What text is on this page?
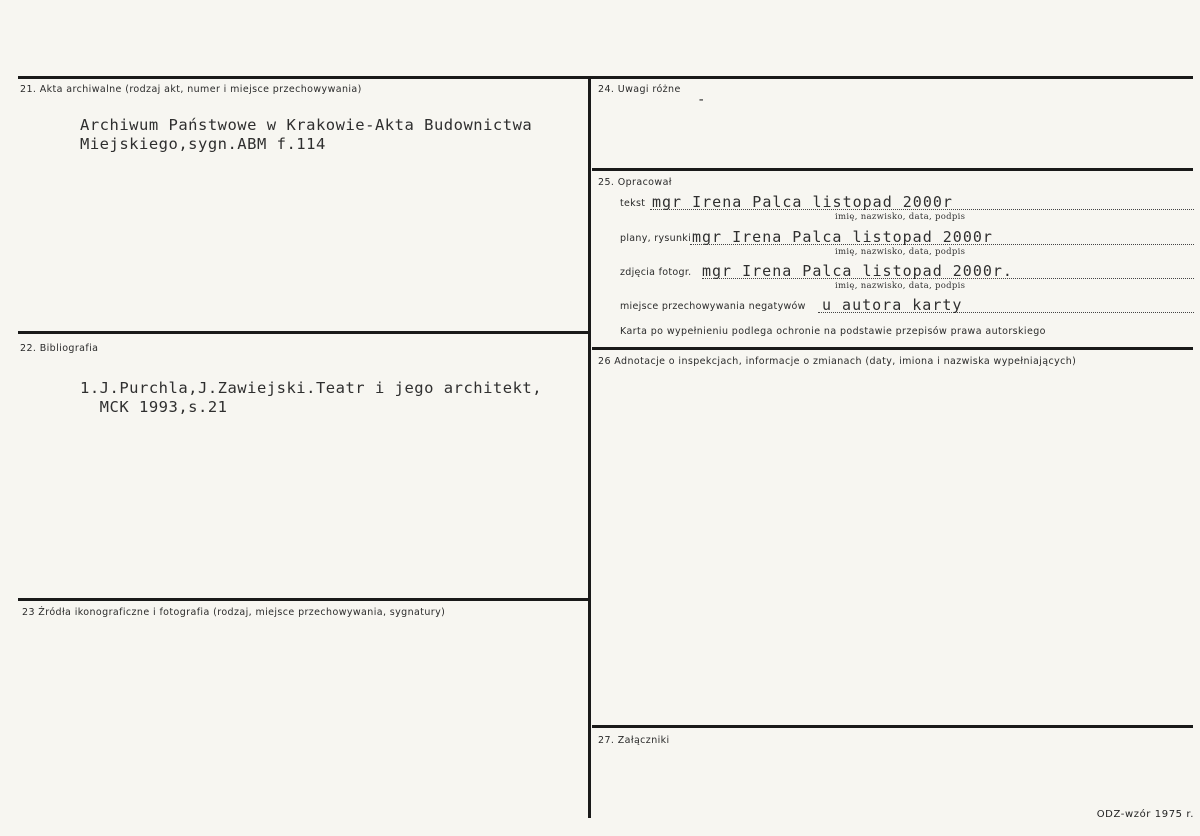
21. Akta archiwalne (rodzaj akt, numer i miejsce przechowywania)
Archiwum Państwowe w Krakowie-Akta Budownictwa
Miejskiego,sygn.ABM f.114
22. Bibliografia
1.J.Purchla,J.Zawiejski.Teatr i jego architekt,
MCK 1993,s.21
23 Źródła ikonograficzne i fotografia (rodzaj, miejsce przechowywania, sygnatury)
24. Uwagi różne
-
25. Opracował
tekst mgr Irena Palca listopad 2000r
imię, nazwisko, data, podpis
plany, rysunki mgr Irena Palca listopad 2000r
imię, nazwisko, data, podpis
zdjęcia fotogr. mgr Irena Palca listopad 2000r.
imię, nazwisko, data, podpis
miejsce przechowywania negatywów u autora karty
Karta po wypełnieniu podlega ochronie na podstawie przepisów prawa autorskiego
26 Adnotacje o inspekcjach, informacje o zmianach (daty, imiona i nazwiska wypełniających)
27. Załączniki
ODZ-wzór 1975 r.
